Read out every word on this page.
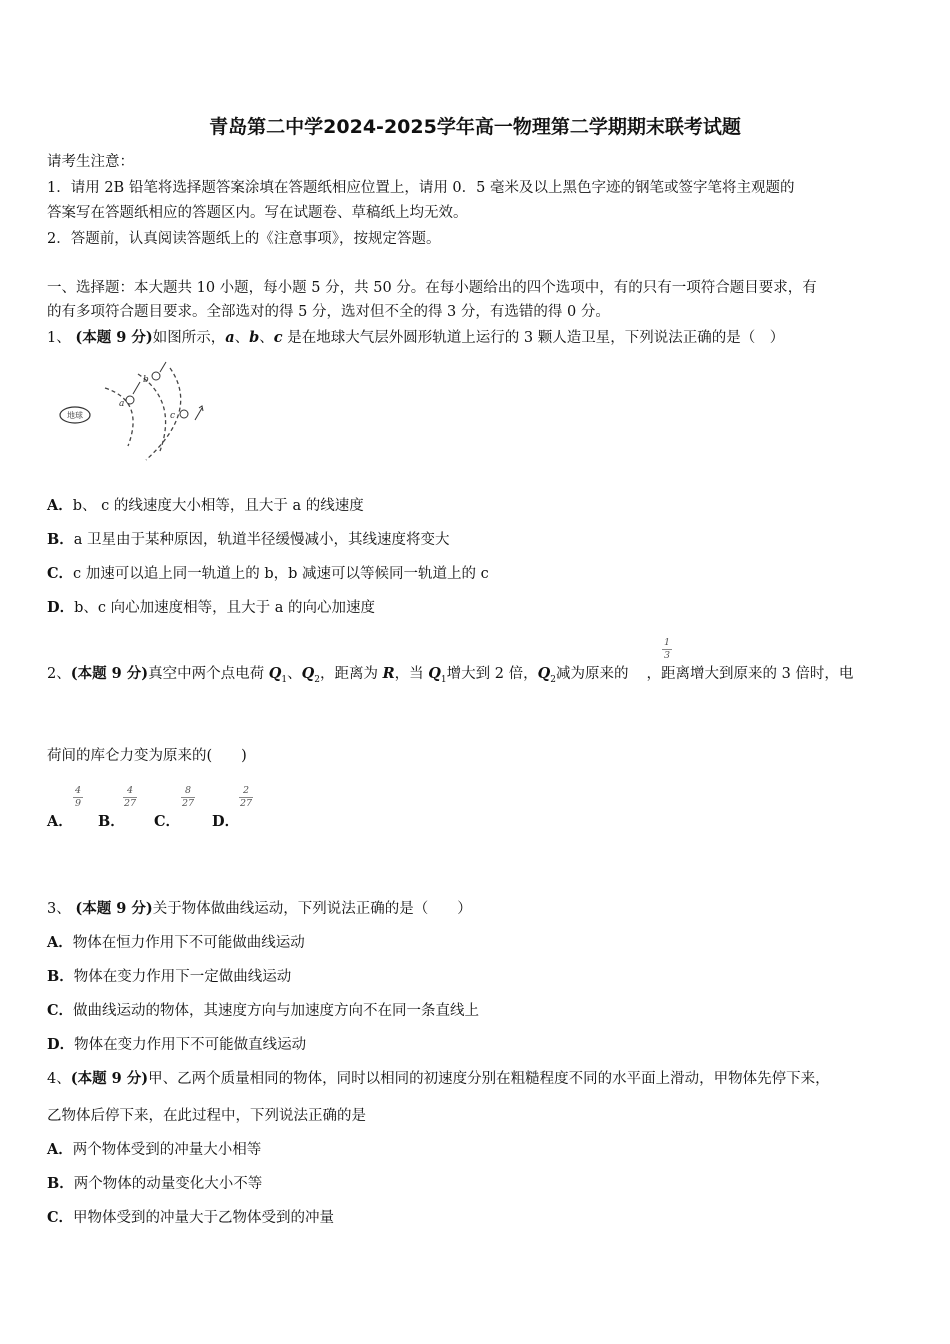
青岛第二中学2024-2025学年高一物理第二学期期末联考试题
请考生注意：
1．请用 2B 铅笔将选择题答案涂填在答题纸相应位置上，请用 0．5 毫米及以上黑色字迹的钢笔或签字笔将主观题的
答案写在答题纸相应的答题区内。写在试题卷、草稿纸上均无效。
2．答题前，认真阅读答题纸上的《注意事项》，按规定答题。
一、选择题：本大题共 10 小题，每小题 5 分，共 50 分。在每小题给出的四个选项中，有的只有一项符合题目要求，有
的有多项符合题目要求。全部选对的得 5 分，选对但不全的得 3 分，有选错的得 0 分。
1、 (本题 9 分)如图所示，a、b、c 是在地球大气层外圆形轨道上运行的 3 颗人造卫星，下列说法正确的是（　）
地球
a
b
c
A．b、 c 的线速度大小相等，且大于 a 的线速度
B．a 卫星由于某种原因，轨道半径缓慢减小，其线速度将变大
C．c 加速可以追上同一轨道上的 b，b 减速可以等候同一轨道上的 c
D．b、c 向心加速度相等，且大于 a 的向心加速度
2、(本题 9 分)真空中两个点电荷 $Q_1$、$Q_2$，距离为 R，当 $Q_1$增大到 2 倍，$Q_2$减为原来的 ，距离增大到原来的 3 倍时，电
1
3
荷间的库仑力变为原来的(　　)
A．
4
9
B．
4
27
C．
8
27
D．
2
27
3、 (本题 9 分)关于物体做曲线运动，下列说法正确的是（　　）
A．物体在恒力作用下不可能做曲线运动
B．物体在变力作用下一定做曲线运动
C．做曲线运动的物体，其速度方向与加速度方向不在同一条直线上
D．物体在变力作用下不可能做直线运动
4、(本题 9 分)甲、乙两个质量相同的物体，同时以相同的初速度分别在粗糙程度不同的水平面上滑动，甲物体先停下来，
乙物体后停下来，在此过程中，下列说法正确的是
A．两个物体受到的冲量大小相等
B．两个物体的动量变化大小不等
C．甲物体受到的冲量大于乙物体受到的冲量
